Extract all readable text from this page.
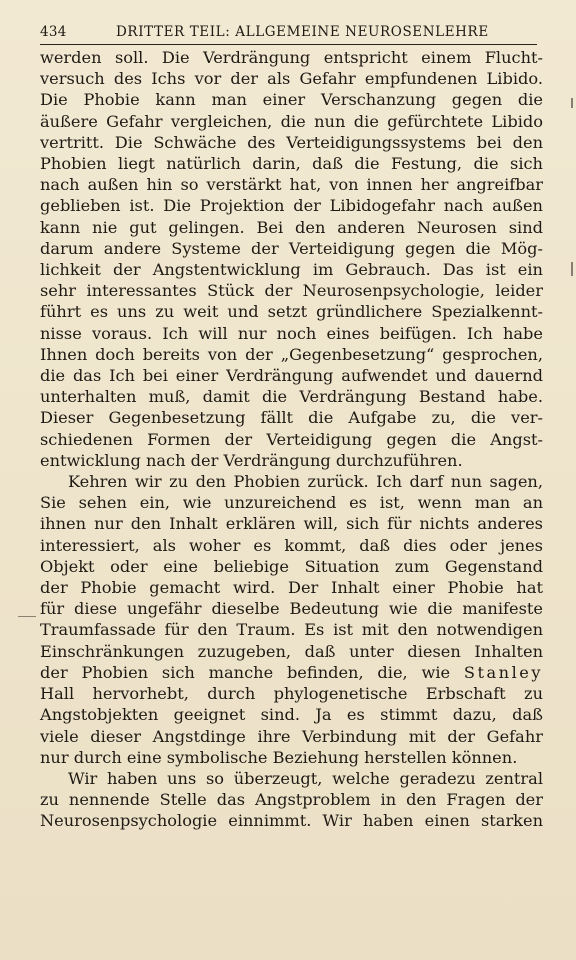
434	DRITTER TEIL: ALLGEMEINE NEUROSENLEHRE
werden soll. Die Verdrängung entspricht einem Flucht-
versuch des Ichs vor der als Gefahr empfundenen Libido.
Die Phobie kann man einer Verschanzung gegen die
äußere Gefahr vergleichen, die nun die gefürchtete Libido
vertritt. Die Schwäche des Verteidigungssystems bei den
Phobien liegt natürlich darin, daß die Festung, die sich
nach außen hin so verstärkt hat, von innen her angreifbar
geblieben ist. Die Projektion der Libidogefahr nach außen
kann nie gut gelingen. Bei den anderen Neurosen sind
darum andere Systeme der Verteidigung gegen die Mög-
lichkeit der Angstentwicklung im Gebrauch. Das ist ein
sehr interessantes Stück der Neurosenpsychologie, leider
führt es uns zu weit und setzt gründlichere Spezialkennt-
nisse voraus. Ich will nur noch eines beifügen. Ich habe
Ihnen doch bereits von der „Gegenbesetzung“ gesprochen,
die das Ich bei einer Verdrängung aufwendet und dauernd
unterhalten muß, damit die Verdrängung Bestand habe.
Dieser Gegenbesetzung fällt die Aufgabe zu, die ver-
schiedenen Formen der Verteidigung gegen die Angst-
entwicklung nach der Verdrängung durchzuführen.
Kehren wir zu den Phobien zurück. Ich darf nun sagen,
Sie sehen ein, wie unzureichend es ist, wenn man an
ihnen nur den Inhalt erklären will, sich für nichts anderes
interessiert, als woher es kommt, daß dies oder jenes
Objekt oder eine beliebige Situation zum Gegenstand
der Phobie gemacht wird. Der Inhalt einer Phobie hat
für diese ungefähr dieselbe Bedeutung wie die manifeste
Traumfassade für den Traum. Es ist mit den notwendigen
Einschränkungen zuzugeben, daß unter diesen Inhalten
der Phobien sich manche befinden, die, wie Stanley
Hall hervorhebt, durch phylogenetische Erbschaft zu
Angstobjekten geeignet sind. Ja es stimmt dazu, daß
viele dieser Angstdinge ihre Verbindung mit der Gefahr
nur durch eine symbolische Beziehung herstellen können.
Wir haben uns so überzeugt, welche geradezu zentral
zu nennende Stelle das Angstproblem in den Fragen der
Neurosenpsychologie einnimmt. Wir haben einen starken
